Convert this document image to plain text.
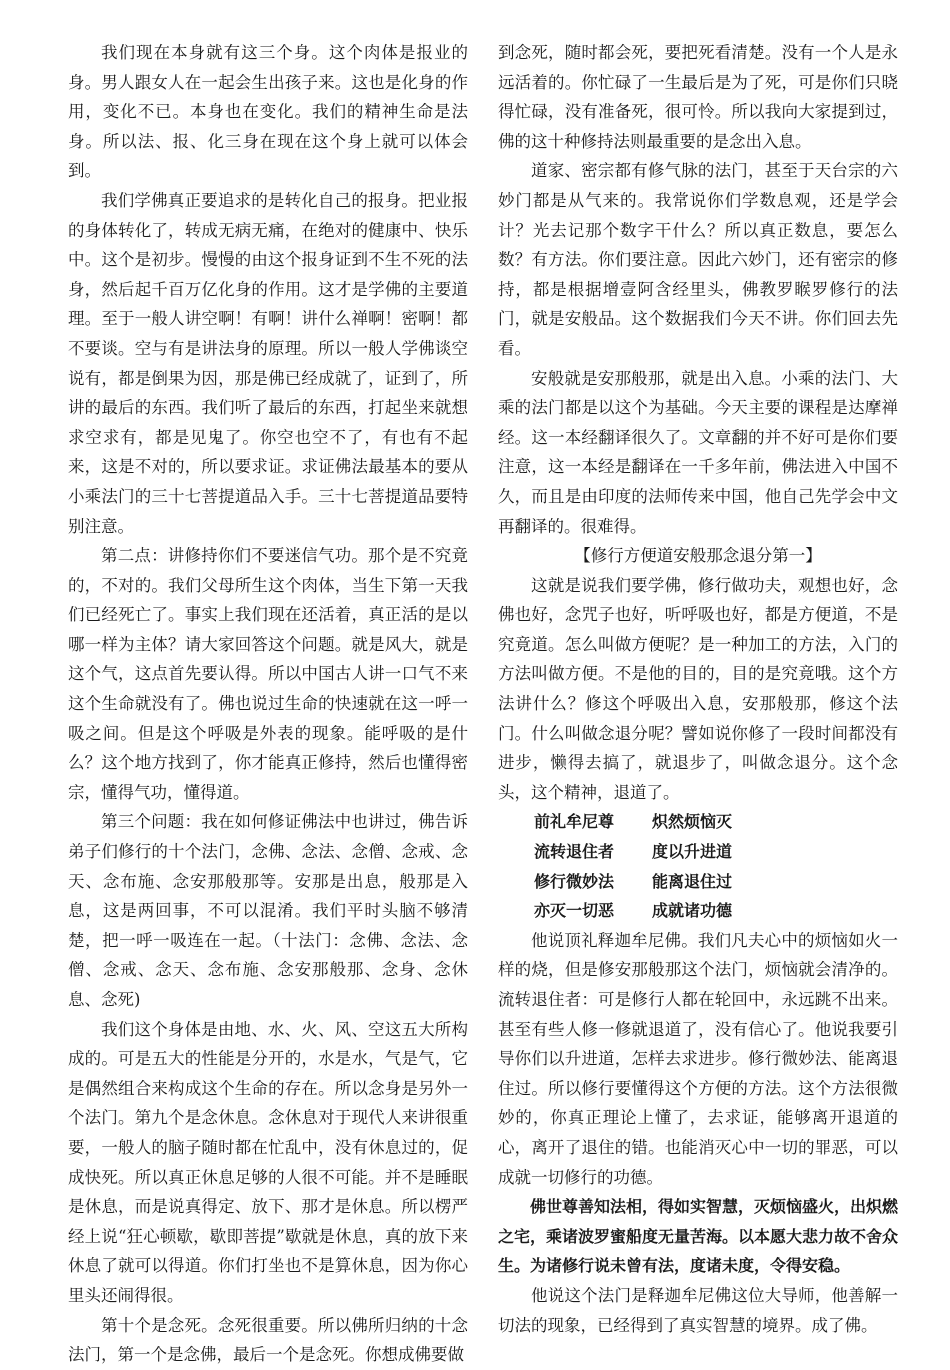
我们现在本身就有这三个身。这个肉体是报业的身。男人跟女人在一起会生出孩子来。这也是化身的作用，变化不已。本身也在变化。我们的精神生命是法身。所以法、报、化三身在现在这个身上就可以体会到。

我们学佛真正要追求的是转化自己的报身。把业报的身体转化了，转成无病无痛，在绝对的健康中、快乐中。这个是初步。慢慢的由这个报身证到不生不死的法身，然后起千百万亿化身的作用。这才是学佛的主要道理。至于一般人讲空啊！有啊！讲什么禅啊！密啊！都不要谈。空与有是讲法身的原理。所以一般人学佛谈空说有，都是倒果为因，那是佛已经成就了，证到了，所讲的最后的东西。我们听了最后的东西，打起坐来就想求空求有，都是见鬼了。你空也空不了，有也有不起来，这是不对的，所以要求证。求证佛法最基本的要从小乘法门的三十七菩提道品入手。三十七菩提道品要特别注意。

第二点：讲修持你们不要迷信气功。那个是不究竟的，不对的。我们父母所生这个肉体，当生下第一天我们已经死亡了。事实上我们现在还活着，真正活的是以哪一样为主体？请大家回答这个问题。就是风大，就是这个气，这点首先要认得。所以中国古人讲一口气不来这个生命就没有了。佛也说过生命的快速就在这一呼一吸之间。但是这个呼吸是外表的现象。能呼吸的是什么？这个地方找到了，你才能真正修持，然后也懂得密宗，懂得气功，懂得道。

第三个问题：我在如何修证佛法中也讲过，佛告诉弟子们修行的十个法门，念佛、念法、念僧、念戒、念天、念布施、念安那般那等。安那是出息，般那是入息，这是两回事，不可以混淆。我们平时头脑不够清楚，把一呼一吸连在一起。（十法门：念佛、念法、念僧、念戒、念天、念布施、念安那般那、念身、念休息、念死)

我们这个身体是由地、水、火、风、空这五大所构成的。可是五大的性能是分开的，水是水，气是气，它是偶然组合来构成这个生命的存在。所以念身是另外一个法门。第九个是念休息。念休息对于现代人来讲很重要，一般人的脑子随时都在忙乱中，没有休息过的，促成快死。所以真正休息足够的人很不可能。并不是睡眠是休息，而是说真得定、放下、那才是休息。所以楞严经上说“狂心顿歇，歇即菩提”歇就是休息，真的放下来休息了就可以得道。你们打坐也不是算休息，因为你心里头还闹得很。

第十个是念死。念死很重要。所以佛所归纳的十念法门，第一个是念佛，最后一个是念死。你想成佛要做

到念死，随时都会死，要把死看清楚。没有一个人是永远活着的。你忙碌了一生最后是为了死，可是你们只晓得忙碌，没有准备死，很可怜。所以我向大家提到过，佛的这十种修持法则最重要的是念出入息。

道家、密宗都有修气脉的法门，甚至于天台宗的六妙门都是从气来的。我常说你们学数息观，还是学会计？光去记那个数字干什么？所以真正数息，要怎么数？有方法。你们要注意。因此六妙门，还有密宗的修持，都是根据增壹阿含经里头，佛教罗睺罗修行的法门，就是安般品。这个数据我们今天不讲。你们回去先看。

安般就是安那般那，就是出入息。小乘的法门、大乘的法门都是以这个为基础。今天主要的课程是达摩禅经。这一本经翻译很久了。文章翻的并不好可是你们要注意，这一本经是翻译在一千多年前，佛法进入中国不久，而且是由印度的法师传来中国，他自己先学会中文再翻译的。很难得。

【修行方便道安般那念退分第一】

这就是说我们要学佛，修行做功夫，观想也好，念佛也好，念咒子也好，听呼吸也好，都是方便道，不是究竟道。怎么叫做方便呢？是一种加工的方法，入门的方法叫做方便。不是他的目的，目的是究竟哦。这个方法讲什么？修这个呼吸出入息，安那般那，修这个法门。什么叫做念退分呢？譬如说你修了一段时间都没有进步，懒得去搞了，就退步了，叫做念退分。这个念头，这个精神，退道了。

前礼牟尼尊 炽然烦恼灭

流转退住者 度以升进道

修行微妙法 能离退住过

亦灭一切恶 成就诸功德

他说顶礼释迦牟尼佛。我们凡夫心中的烦恼如火一样的烧，但是修安那般那这个法门，烦恼就会清净的。流转退住者：可是修行人都在轮回中，永远跳不出来。甚至有些人修一修就退道了，没有信心了。他说我要引导你们以升进道，怎样去求进步。修行微妙法、能离退住过。所以修行要懂得这个方便的方法。这个方法很微妙的，你真正理论上懂了，去求证，能够离开退道的心，离开了退住的错。也能消灭心中一切的罪恶，可以成就一切修行的功德。

佛世尊善知法相，得如实智慧，灭烦恼盛火，出炽燃之宅，乘诸波罗蜜船度无量苦海。以本愿大悲力故不舍众生。为诸修行说未曾有法，度诸未度，令得安稳。

他说这个法门是释迦牟尼佛这位大导师，他善解一切法的现象，已经得到了真实智慧的境界。成了佛。
